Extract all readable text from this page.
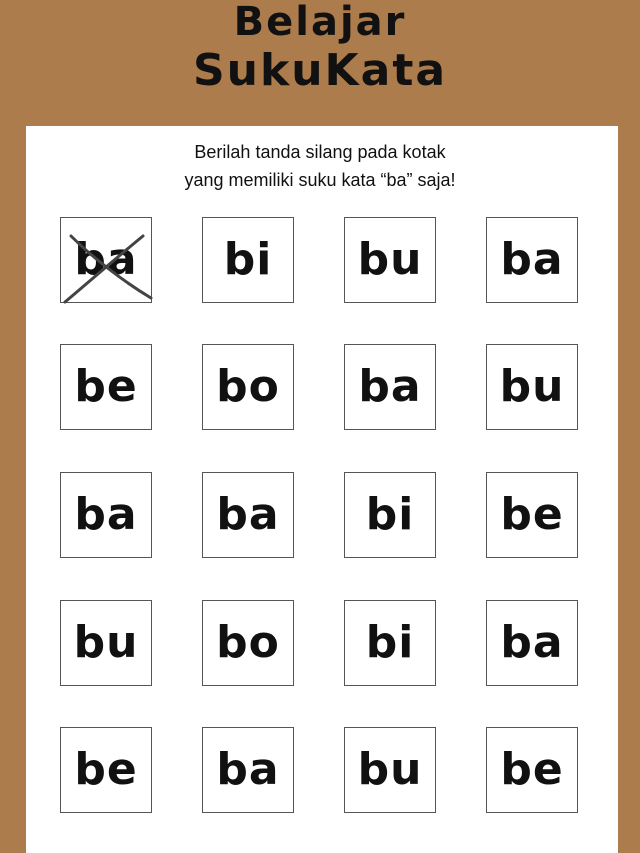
Belajar
SukuKata
Berilah tanda silang pada kotak
yang memiliki suku kata “ba” saja!
ba bi bu ba
be bo ba bu
ba ba bi be
bu bo bi ba
be ba bu be
